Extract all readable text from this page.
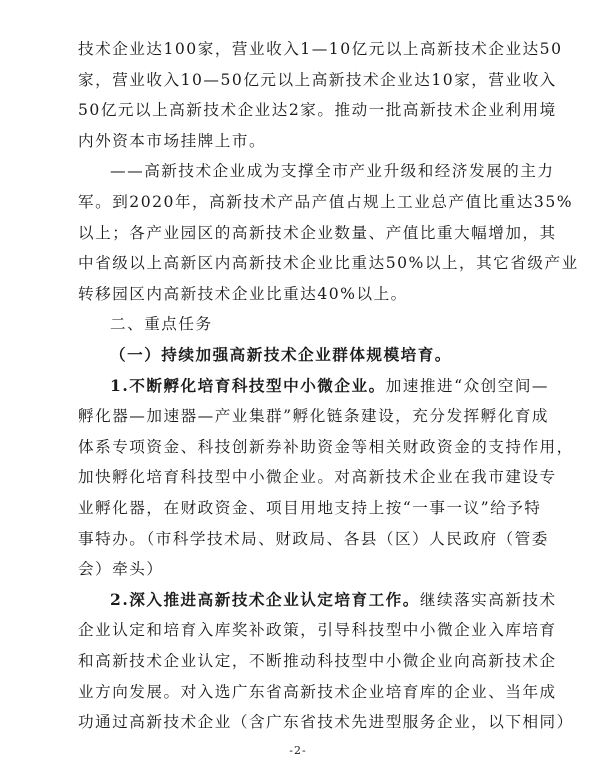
技术企业达100家，营业收入1—10亿元以上高新技术企业达50
家，营业收入10—50亿元以上高新技术企业达10家，营业收入
50亿元以上高新技术企业达2家。推动一批高新技术企业利用境
内外资本市场挂牌上市。
——高新技术企业成为支撑全市产业升级和经济发展的主力
军。到2020年，高新技术产品产值占规上工业总产值比重达35%
以上；各产业园区的高新技术企业数量、产值比重大幅增加，其
中省级以上高新区内高新技术企业比重达50%以上，其它省级产业
转移园区内高新技术企业比重达40%以上。
二、重点任务
（一）持续加强高新技术企业群体规模培育。
1.不断孵化培育科技型中小微企业。加速推进“众创空间—
孵化器—加速器—产业集群”孵化链条建设，充分发挥孵化育成
体系专项资金、科技创新券补助资金等相关财政资金的支持作用，
加快孵化培育科技型中小微企业。对高新技术企业在我市建设专
业孵化器，在财政资金、项目用地支持上按“一事一议”给予特
事特办。（市科学技术局、财政局、各县（区）人民政府（管委
会）牵头）
2.深入推进高新技术企业认定培育工作。继续落实高新技术
企业认定和培育入库奖补政策，引导科技型中小微企业入库培育
和高新技术企业认定，不断推动科技型中小微企业向高新技术企
业方向发展。对入选广东省高新技术企业培育库的企业、当年成
功通过高新技术企业（含广东省技术先进型服务企业，以下相同）
-2-
